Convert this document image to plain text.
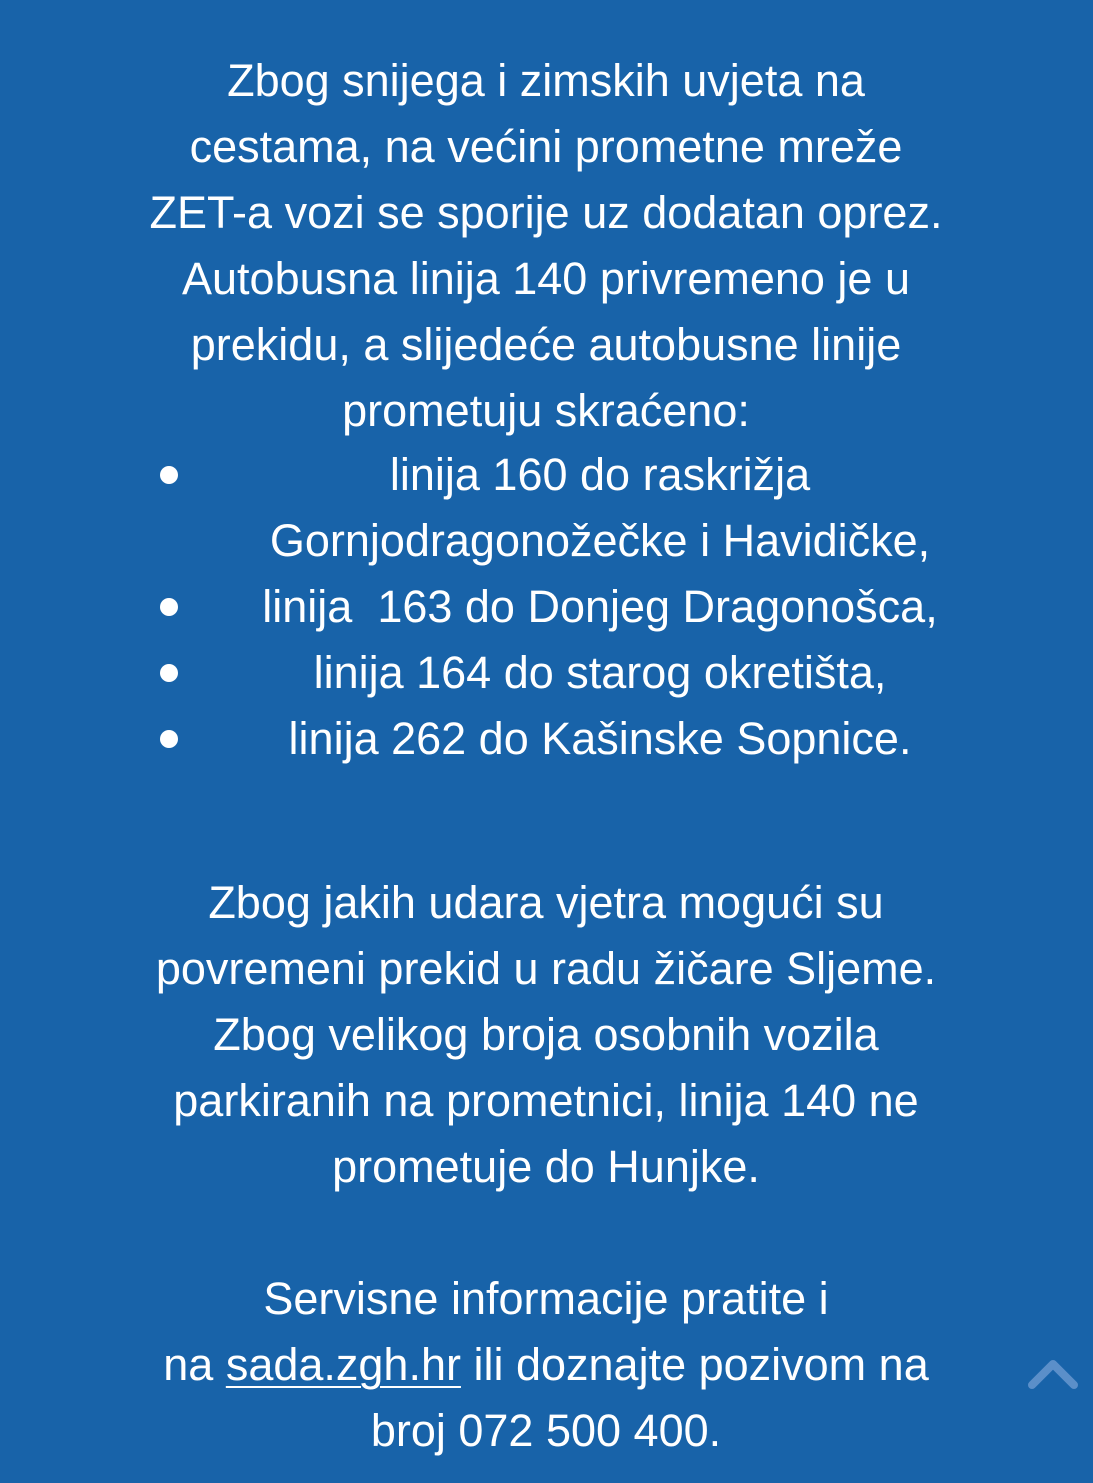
Zbog snijega i zimskih uvjeta na
cestama, na većini prometne mreže
ZET-a vozi se sporije uz dodatan oprez.
Autobusna linija 140 privremeno je u
prekidu, a slijedeće autobusne linije
prometuju skraćeno:
linija 160 do raskrižja
Gornjodragonožečke i Havidičke,
linija  163 do Donjeg Dragonošca,
linija 164 do starog okretišta,
linija 262 do Kašinske Sopnice.
Zbog jakih udara vjetra mogući su
povremeni prekid u radu žičare Sljeme.
Zbog velikog broja osobnih vozila
parkiranih na prometnici, linija 140 ne
prometuje do Hunjke.
Servisne informacije pratite i
na sada.zgh.hr ili doznajte pozivom na
broj 072 500 400.
